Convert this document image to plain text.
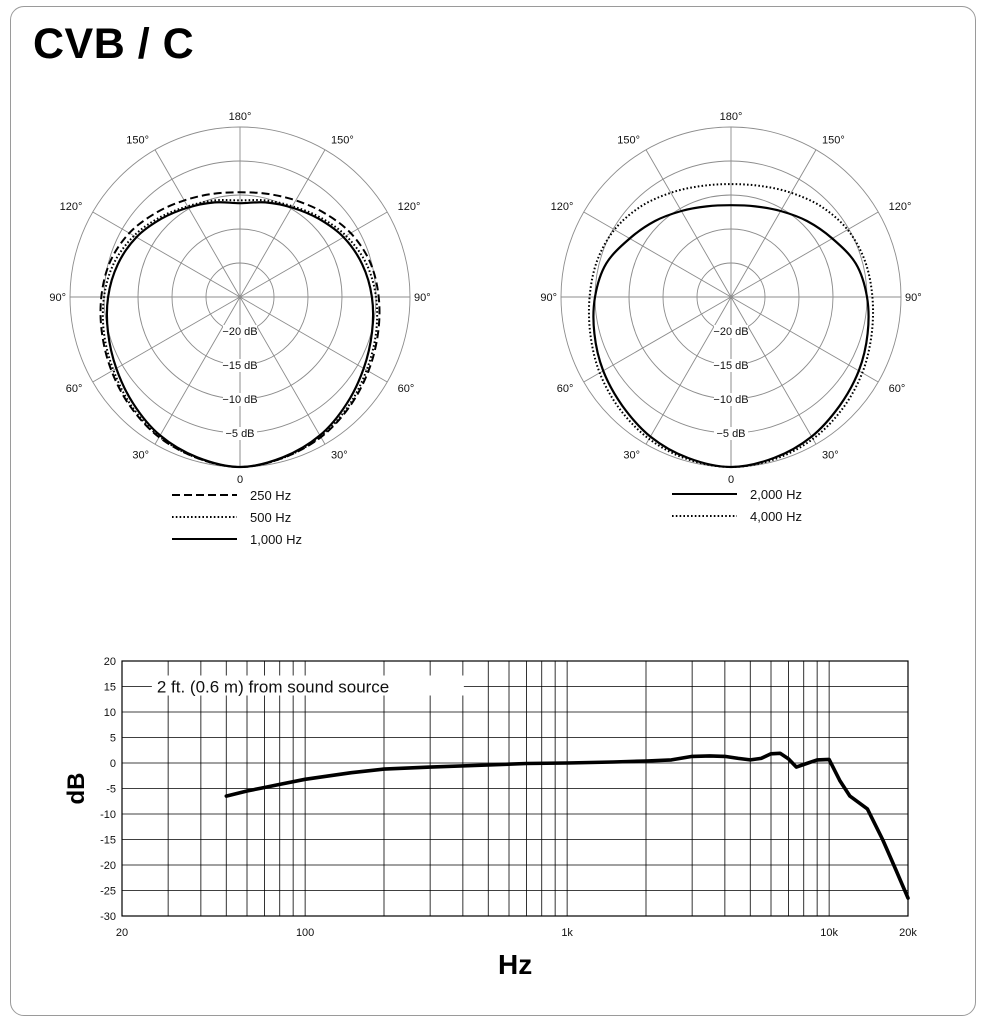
CVB / C
180°
150°	150°
120°	120°
90°	90°
60°	60°
30°	30°
0
−20 dB
−15 dB
−10 dB
−5 dB
250 Hz
500 Hz
1,000 Hz
180°
150°	150°
120°	120°
90°	90°
60°	60°
30°	30°
0
−20 dB
−15 dB
−10 dB
−5 dB
2,000 Hz
4,000 Hz
20
15
10
5
0
-5
-10
-15
-20
-25
-30
20	100	1k	10k	20k
2 ft. (0.6 m) from sound source
Hz
dB
